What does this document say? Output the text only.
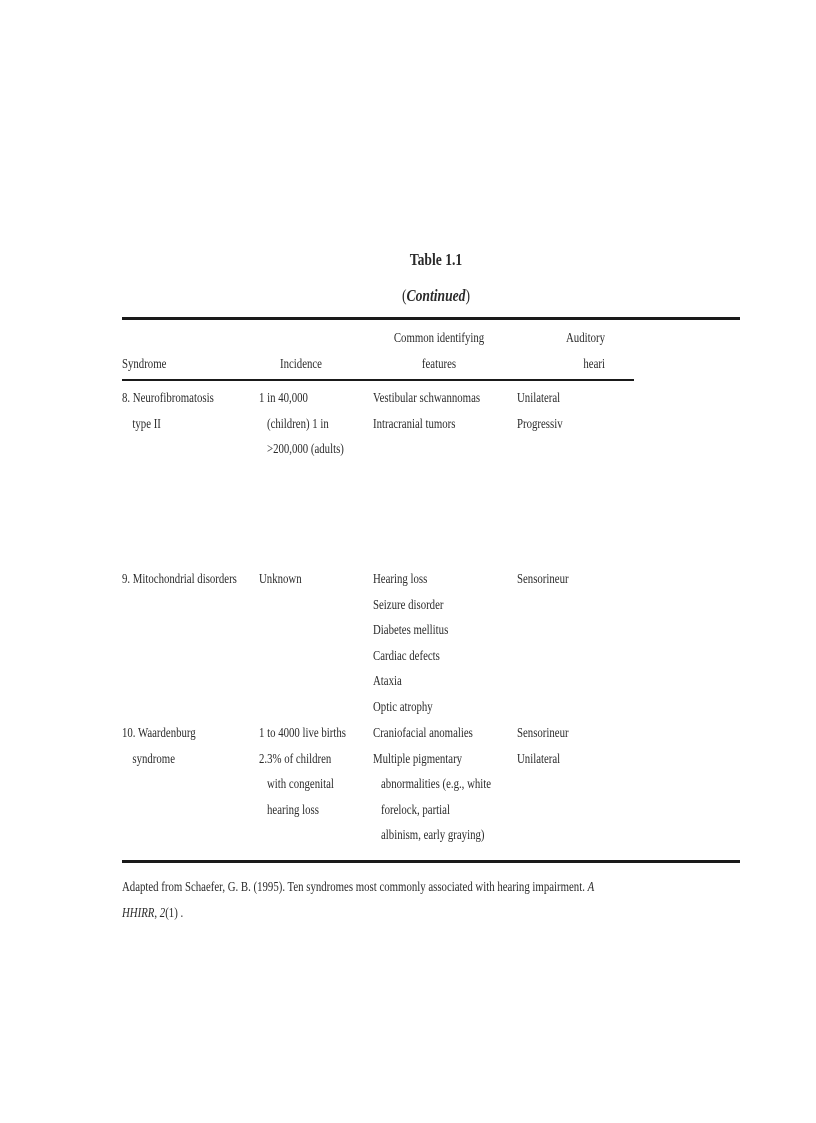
Table 1.1
(Continued)
Syndrome	Incidence
Common identifying
features
Auditory
heari
8. Neurofibromatosis
type II
1 in 40,000
(children) 1 in
>200,000 (adults)
Vestibular schwannomas
Intracranial tumors
Unilateral
Progressiv
9. Mitochondrial disorders Unknown	Hearing loss
Seizure disorder
Diabetes mellitus
Cardiac defects
Ataxia
Optic atrophy
Sensorineur
10. Waardenburg
syndrome
1 to 4000 live births
2.3% of children
with congenital
hearing loss
Craniofacial anomalies
Multiple pigmentary
abnormalities (e.g., white
forelock, partial
albinism, early graying)
Sensorineur
Unilateral
Adapted from Schaefer, G. B. (1995). Ten syndromes most commonly associated with hearing impairment. A
HHIRR, 2(1) .
